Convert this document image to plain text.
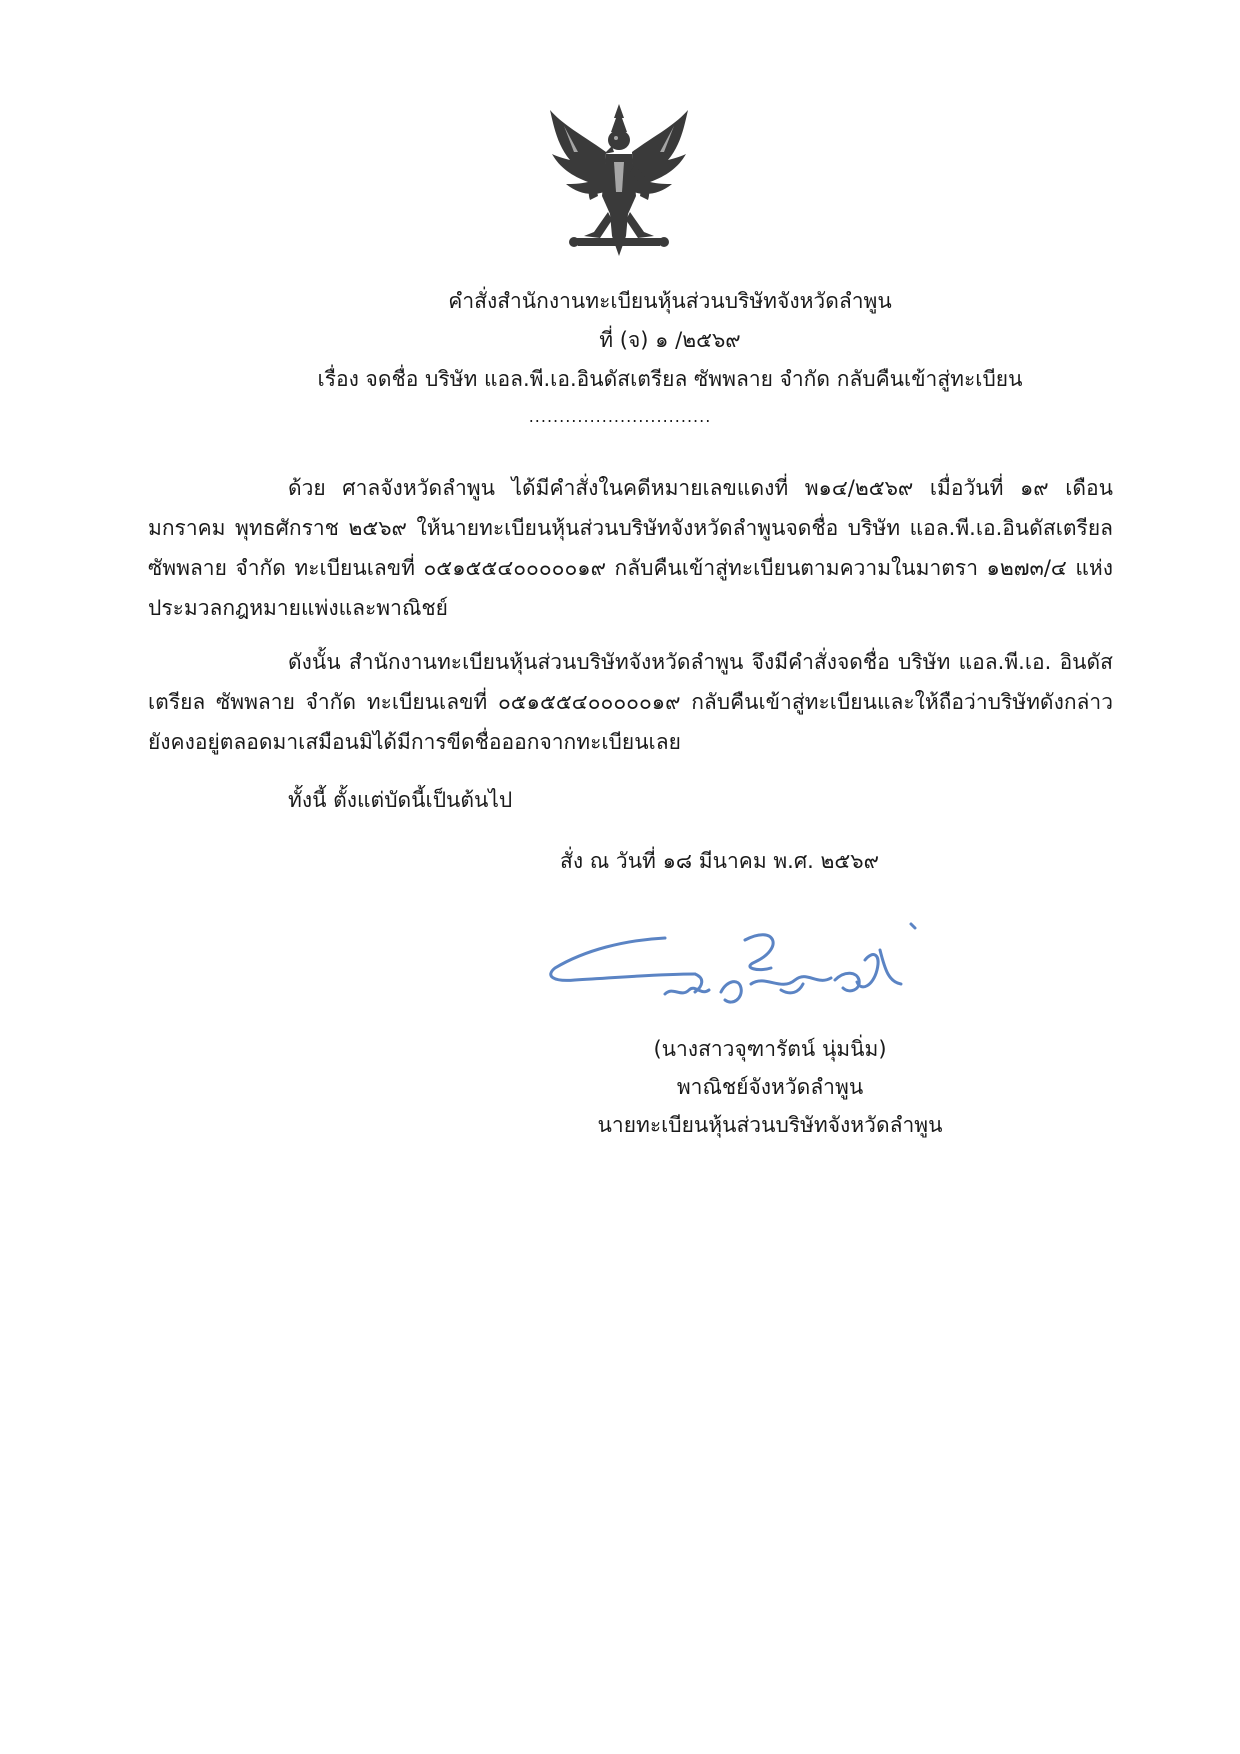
คำสั่งสำนักงานทะเบียนหุ้นส่วนบริษัทจังหวัดลำพูน
ที่ (จ) ๑ /๒๕๖๙
เรื่อง จดชื่อ บริษัท แอล.พี.เอ.อินดัสเตรียล ซัพพลาย จำกัด กลับคืนเข้าสู่ทะเบียน
..............................
ด้วย ศาลจังหวัดลำพูน ได้มีคำสั่งในคดีหมายเลขแดงที่ พ๑๔/๒๕๖๙ เมื่อวันที่ ๑๙ เดือน มกราคม พุทธศักราช ๒๕๖๙ ให้นายทะเบียนหุ้นส่วนบริษัทจังหวัดลำพูนจดชื่อ บริษัท แอล.พี.เอ.อินดัสเตรียล ซัพพลาย จำกัด ทะเบียนเลขที่ ๐๕๑๕๕๔๐๐๐๐๐๑๙ กลับคืนเข้าสู่ทะเบียนตามความในมาตรา ๑๒๗๓/๔ แห่งประมวลกฎหมายแพ่งและพาณิชย์
ดังนั้น สำนักงานทะเบียนหุ้นส่วนบริษัทจังหวัดลำพูน จึงมีคำสั่งจดชื่อ บริษัท แอล.พี.เอ. อินดัสเตรียล ซัพพลาย จำกัด ทะเบียนเลขที่ ๐๕๑๕๕๔๐๐๐๐๐๑๙ กลับคืนเข้าสู่ทะเบียนและให้ถือว่าบริษัทดังกล่าวยังคงอยู่ตลอดมาเสมือนมิได้มีการขีดชื่อออกจากทะเบียนเลย
ทั้งนี้ ตั้งแต่บัดนี้เป็นต้นไป
สั่ง ณ วันที่ ๑๘ มีนาคม พ.ศ. ๒๕๖๙
(นางสาวจุฑารัตน์ นุ่มนิ่ม)
พาณิชย์จังหวัดลำพูน
นายทะเบียนหุ้นส่วนบริษัทจังหวัดลำพูน
